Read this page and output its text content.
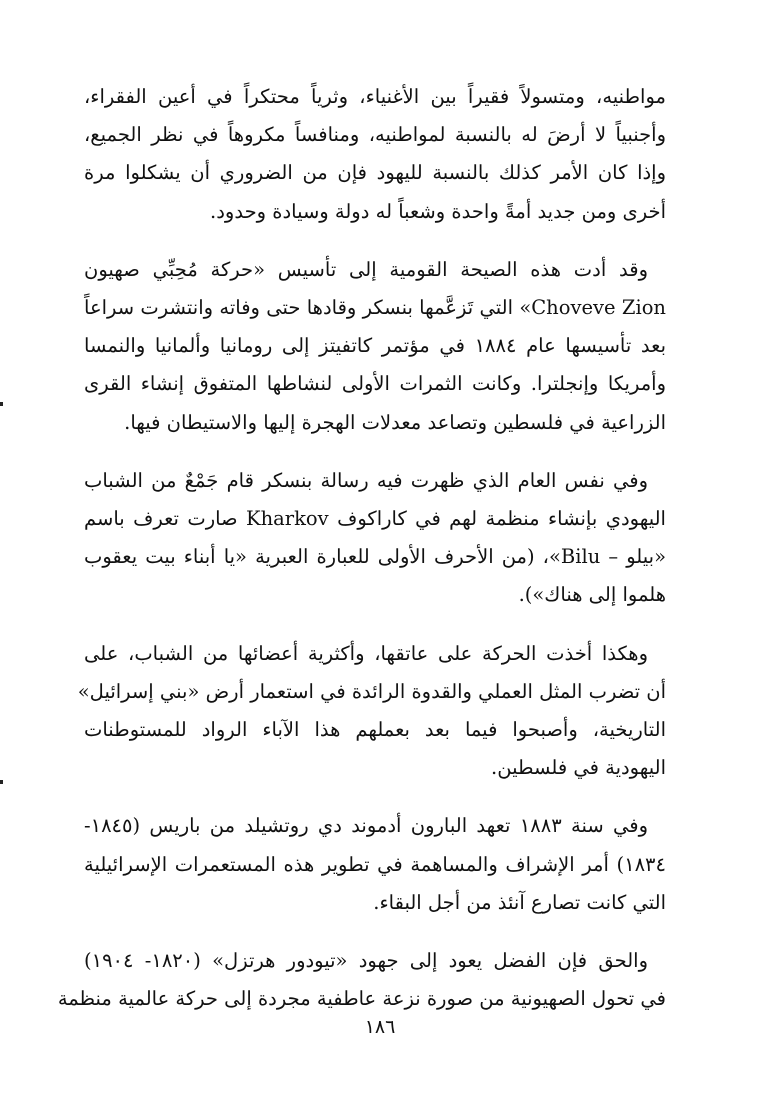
مواطنيه، ومتسولاً فقيراً بين الأغنياء، وثرياً محتكراً في أعين الفقراء،
وأجنبياً لا أرضَ له بالنسبة لمواطنيه، ومنافساً مكروهاً في نظر الجميع،
وإذا كان الأمر كذلك بالنسبة لليهود فإن من الضروري أن يشكلوا مرة
أخرى ومن جديد أمةً واحدة وشعباً له دولة وسيادة وحدود.

وقد أدت هذه الصيحة القومية إلى تأسيس «حركة مُحِبِّي صهيون
Choveve Zion» التي تَزعَّمها بنسكر وقادها حتى وفاته وانتشرت سراعاً
بعد تأسيسها عام ١٨٨٤ في مؤتمر كاتفيتز إلى رومانيا وألمانيا والنمسا
وأمريكا وإنجلترا. وكانت الثمرات الأولى لنشاطها المتفوق إنشاء القرى
الزراعية في فلسطين وتصاعد معدلات الهجرة إليها والاستيطان فيها.

وفي نفس العام الذي ظهرت فيه رسالة بنسكر قام جَمْعٌ من الشباب
اليهودي بإنشاء منظمة لهم في كاراكوف Kharkov صارت تعرف باسم
«بيلو – Bilu»، (من الأحرف الأولى للعبارة العبرية «يا أبناء بيت يعقوب
هلموا إلى هناك»).

وهكذا أخذت الحركة على عاتقها، وأكثرية أعضائها من الشباب، على
أن تضرب المثل العملي والقدوة الرائدة في استعمار أرض «بني إسرائيل»
التاريخية، وأصبحوا فيما بعد بعملهم هذا الآباء الرواد للمستوطنات
اليهودية في فلسطين.

وفي سنة ١٨٨٣ تعهد البارون أدموند دي روتشيلد من باريس (١٨٤٥-
١٨٣٤) أمر الإشراف والمساهمة في تطوير هذه المستعمرات الإسرائيلية
التي كانت تصارع آنئذ من أجل البقاء.

والحق فإن الفضل يعود إلى جهود «تيودور هرتزل» (١٨٢٠- ١٩٠٤)
في تحول الصهيونية من صورة نزعة عاطفية مجردة إلى حركة عالمية منظمة

١٨٦
